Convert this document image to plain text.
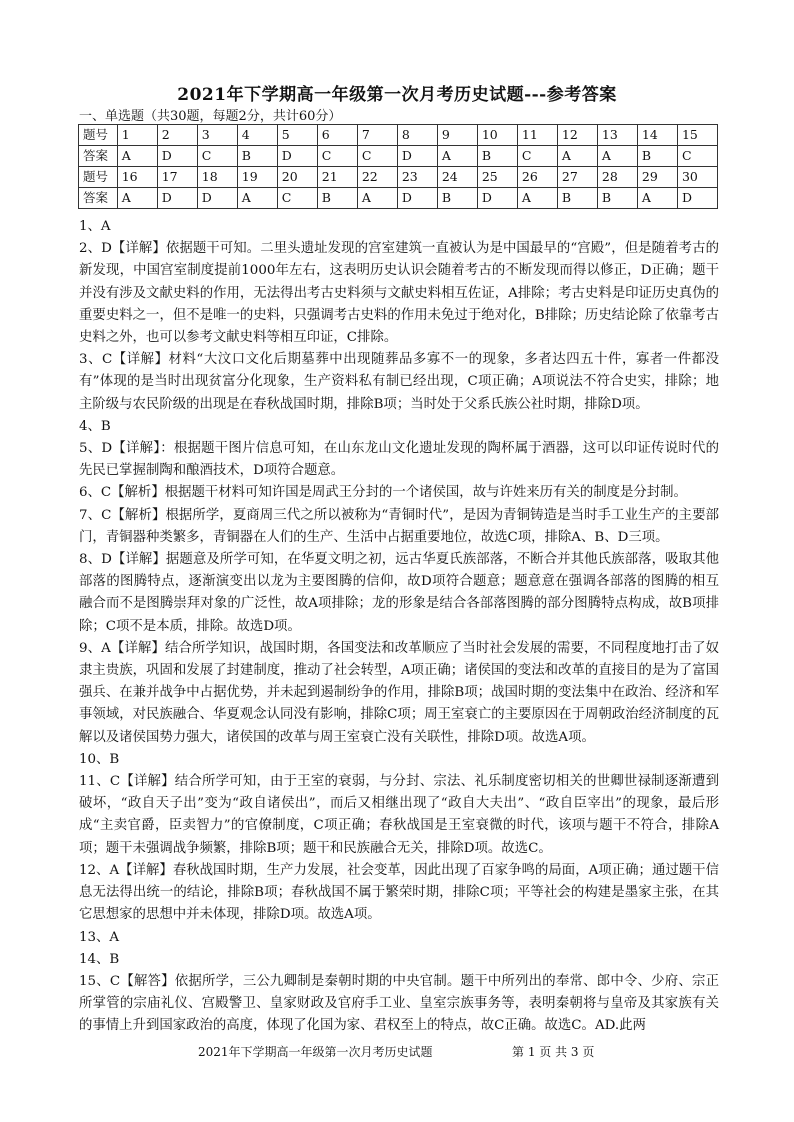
2021年下学期高一年级第一次月考历史试题---参考答案
一、单选题（共30题，每题2分，共计60分）
题号	1	2	3	4	5	6	7	8	9	10	11	12	13	14	15
答案	A	D	C	B	D	C	C	D	A	B	C	A	A	B	C
题号	16	17	18	19	20	21	22	23	24	25	26	27	28	29	30
答案	A	D	D	A	C	B	A	D	B	D	A	B	B	A	D

1、A

2、D【详解】依据题干可知。二里头遗址发现的宫室建筑一直被认为是中国最早的“宫殿”，但是随着考古的新发现，中国宫室制度提前1000年左右，这表明历史认识会随着考古的不断发现而得以修正，D正确；题干并没有涉及文献史料的作用，无法得出考古史料须与文献史料相互佐证，A排除；考古史料是印证历史真伪的重要史料之一，但不是唯一的史料，只强调考古史料的作用未免过于绝对化，B排除；历史结论除了依靠考古史料之外，也可以参考文献史料等相互印证，C排除。

3、C【详解】材料“大汶口文化后期墓葬中出现随葬品多寡不一的现象，多者达四五十件，寡者一件都没有”体现的是当时出现贫富分化现象，生产资料私有制已经出现，C项正确；A项说法不符合史实，排除；地主阶级与农民阶级的出现是在春秋战国时期，排除B项；当时处于父系氏族公社时期，排除D项。

4、B

5、D【详解】：根据题干图片信息可知，在山东龙山文化遗址发现的陶杯属于酒器，这可以印证传说时代的先民已掌握制陶和酿酒技术，D项符合题意。

6、C【解析】根据题干材料可知许国是周武王分封的一个诸侯国，故与许姓来历有关的制度是分封制。

7、C【解析】根据所学，夏商周三代之所以被称为“青铜时代”，是因为青铜铸造是当时手工业生产的主要部门，青铜器种类繁多，青铜器在人们的生产、生活中占据重要地位，故选C项，排除A、B、D三项。

8、D【详解】据题意及所学可知，在华夏文明之初，远古华夏氏族部落，不断合并其他氏族部落，吸取其他部落的图腾特点，逐渐演变出以龙为主要图腾的信仰，故D项符合题意；题意意在强调各部落的图腾的相互融合而不是图腾崇拜对象的广泛性，故A项排除；龙的形象是结合各部落图腾的部分图腾特点构成，故B项排除；C项不是本质，排除。故选D项。

9、A【详解】结合所学知识，战国时期，各国变法和改革顺应了当时社会发展的需要，不同程度地打击了奴隶主贵族，巩固和发展了封建制度，推动了社会转型，A项正确；诸侯国的变法和改革的直接目的是为了富国强兵、在兼并战争中占据优势，并未起到遏制纷争的作用，排除B项；战国时期的变法集中在政治、经济和军事领域，对民族融合、华夏观念认同没有影响，排除C项；周王室衰亡的主要原因在于周朝政治经济制度的瓦解以及诸侯国势力强大，诸侯国的改革与周王室衰亡没有关联性，排除D项。故选A项。

10、B

11、C【详解】结合所学可知，由于王室的衰弱，与分封、宗法、礼乐制度密切相关的世卿世禄制逐渐遭到破坏，“政自天子出”变为“政自诸侯出”，而后又相继出现了“政自大夫出”、“政自臣宰出”的现象，最后形成“主卖官爵，臣卖智力”的官僚制度，C项正确；春秋战国是王室衰微的时代，该项与题干不符合，排除A项；题干未强调战争频繁，排除B项；题干和民族融合无关，排除D项。故选C。

12、A【详解】春秋战国时期，生产力发展，社会变革，因此出现了百家争鸣的局面，A项正确；通过题干信息无法得出统一的结论，排除B项；春秋战国不属于繁荣时期，排除C项；平等社会的构建是墨家主张，在其它思想家的思想中并未体现，排除D项。故选A项。

13、A

14、B

15、C【解答】依据所学，三公九卿制是秦朝时期的中央官制。题干中所列出的奉常、郎中令、少府、宗正所掌管的宗庙礼仪、宫殿警卫、皇家财政及官府手工业、皇室宗族事务等，表明秦朝将与皇帝及其家族有关的事情上升到国家政治的高度，体现了化国为家、君权至上的特点，故C正确。故选C。AD.此两

2021年下学期高一年级第一次月考历史试题	第 1 页 共 3 页
